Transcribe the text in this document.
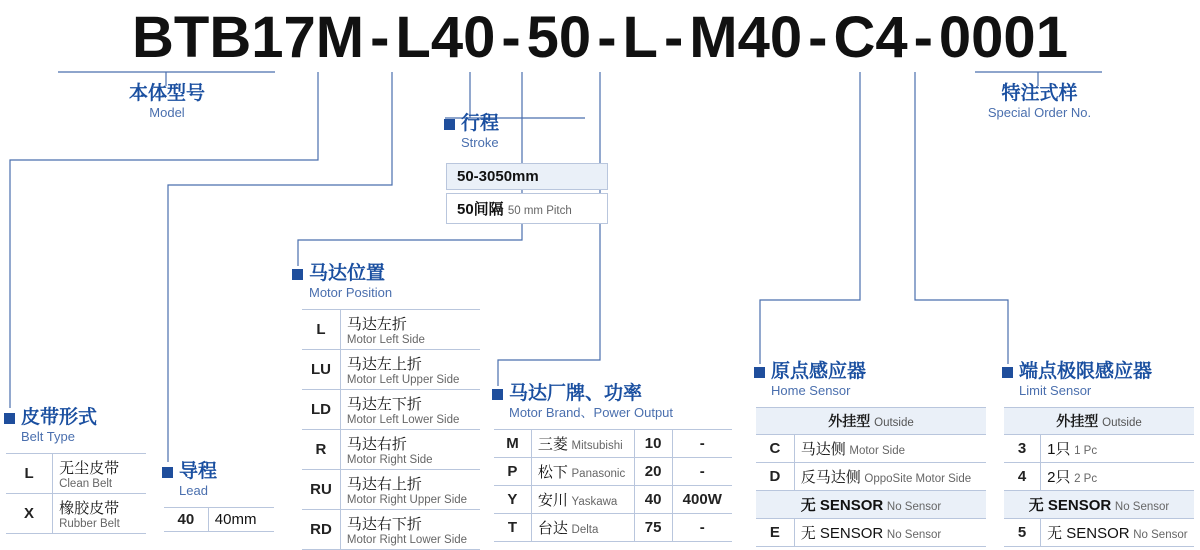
BTB17M - L40 - 50 - L - M40 - C4 - 0001
本体型号
Model
特注式样
Special Order No.
行程
Stroke
50-3050mm
50间隔 50 mm Pitch
皮带形式
Belt Type
L	无尘皮带
Clean Belt

X	橡胶皮带
Rubber Belt
导程
Lead
40	40mm
马达位置
Motor Position
L	马达左折
Motor Left Side

LU	马达左上折
Motor Left Upper Side

LD	马达左下折
Motor Left Lower Side

R	马达右折
Motor Right Side

RU	马达右上折
Motor Right Upper Side

RD	马达右下折
Motor Right Lower Side
马达厂牌、功率
Motor Brand、Power Output
M	三菱 Mitsubishi	10	-
P	松下 Panasonic	20	-
Y	安川 Yaskawa	40	400W
T	台达 Delta	75	-
原点感应器
Home Sensor
外挂型 Outside	
C	马达侧 Motor Side
D	反马达侧 OppoSite Motor Side
无 SENSOR No Sensor	
E	无 SENSOR No Sensor
端点极限感应器
Limit Sensor
外挂型 Outside	
3	1只 1 Pc
4	2只 2 Pc
无 SENSOR No Sensor	
5	无 SENSOR No Sensor
